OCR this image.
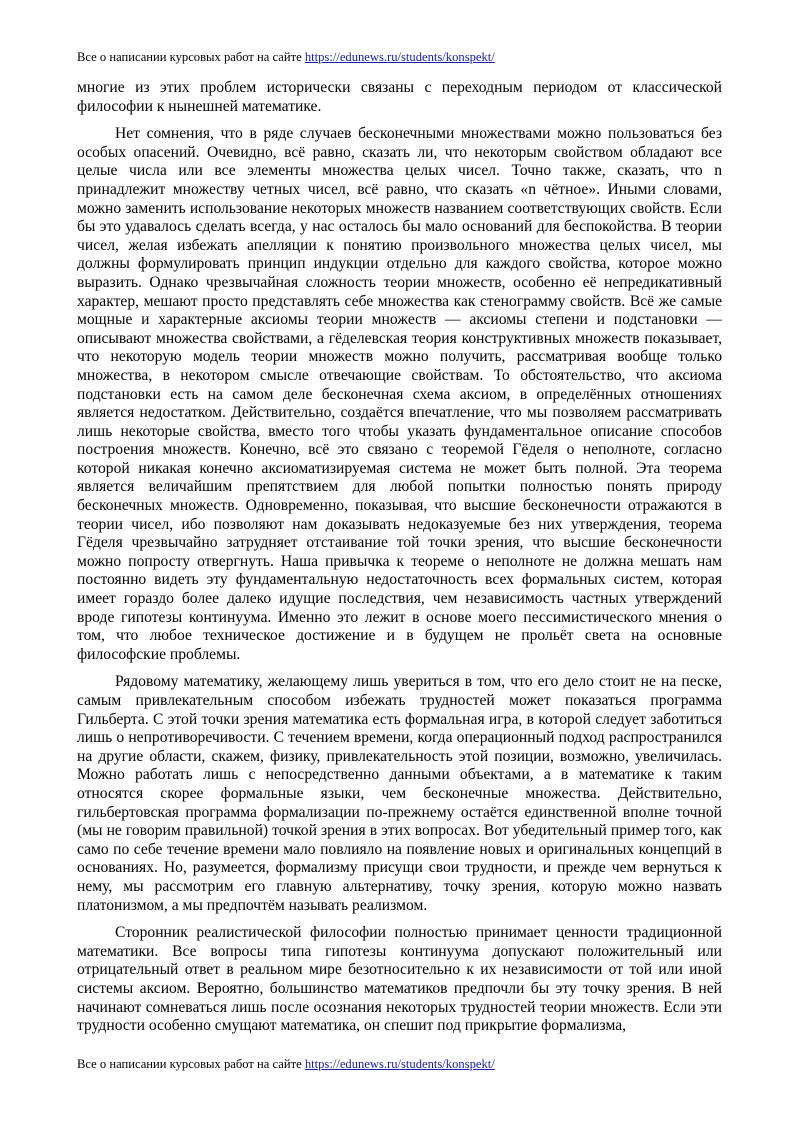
Все о написании курсовых работ на сайте https://edunews.ru/students/konspekt/

многие из этих проблем исторически связаны с переходным периодом от классической философии к нынешней математике.

Нет сомнения, что в ряде случаев бесконечными множествами можно пользоваться без особых опасений. Очевидно, всё равно, сказать ли, что некоторым свойством обладают все целые числа или все элементы множества целых чисел. Точно также, сказать, что n принадлежит множеству четных чисел, всё равно, что сказать «n чётное». Иными словами, можно заменить использование некоторых множеств названием соответствующих свойств. Если бы это удавалось сделать всегда, у нас осталось бы мало оснований для беспокойства. В теории чисел, желая избежать апелляции к понятию произвольного множества целых чисел, мы должны формулировать принцип индукции отдельно для каждого свойства, которое можно выразить. Однако чрезвычайная сложность теории множеств, особенно её непредикативный характер, мешают просто представлять себе множества как стенограмму свойств. Всё же самые мощные и характерные аксиомы теории множеств — аксиомы степени и подстановки — описывают множества свойствами, а гёделевская теория конструктивных множеств показывает, что некоторую модель теории множеств можно получить, рассматривая вообще только множества, в некотором смысле отвечающие свойствам. То обстоятельство, что аксиома подстановки есть на самом деле бесконечная схема аксиом, в определённых отношениях является недостатком. Действительно, создаётся впечатление, что мы позволяем рассматривать лишь некоторые свойства, вместо того чтобы указать фундаментальное описание способов построения множеств. Конечно, всё это связано с теоремой Гёделя о неполноте, согласно которой никакая конечно аксиоматизируемая система не может быть полной. Эта теорема является величайшим препятствием для любой попытки полностью понять природу бесконечных множеств. Одновременно, показывая, что высшие бесконечности отражаются в теории чисел, ибо позволяют нам доказывать недоказуемые без них утверждения, теорема Гёделя чрезвычайно затрудняет отстаивание той точки зрения, что высшие бесконечности можно попросту отвергнуть. Наша привычка к теореме о неполноте не должна мешать нам постоянно видеть эту фундаментальную недостаточность всех формальных систем, которая имеет гораздо более далеко идущие последствия, чем независимость частных утверждений вроде гипотезы континуума. Именно это лежит в основе моего пессимистического мнения о том, что любое техническое достижение и в будущем не прольёт света на основные философские проблемы.

Рядовому математику, желающему лишь увериться в том, что его дело стоит не на песке, самым привлекательным способом избежать трудностей может показаться программа Гильберта. С этой точки зрения математика есть формальная игра, в которой следует заботиться лишь о непротиворечивости. С течением времени, когда операционный подход распространился на другие области, скажем, физику, привлекательность этой позиции, возможно, увеличилась. Можно работать лишь с непосредственно данными объектами, а в математике к таким относятся скорее формальные языки, чем бесконечные множества. Действительно, гильбертовская программа формализации по-прежнему остаётся единственной вполне точной (мы не говорим правильной) точкой зрения в этих вопросах. Вот убедительный пример того, как само по себе течение времени мало повлияло на появление новых и оригинальных концепций в основаниях. Но, разумеется, формализму присущи свои трудности, и прежде чем вернуться к нему, мы рассмотрим его главную альтернативу, точку зрения, которую можно назвать платонизмом, а мы предпочтём называть реализмом.

Сторонник реалистической философии полностью принимает ценности традиционной математики. Все вопросы типа гипотезы континуума допускают положительный или отрицательный ответ в реальном мире безотносительно к их независимости от той или иной системы аксиом. Вероятно, большинство математиков предпочли бы эту точку зрения. В ней начинают сомневаться лишь после осознания некоторых трудностей теории множеств. Если эти трудности особенно смущают математика, он спешит под прикрытие формализма,

Все о написании курсовых работ на сайте https://edunews.ru/students/konspekt/
